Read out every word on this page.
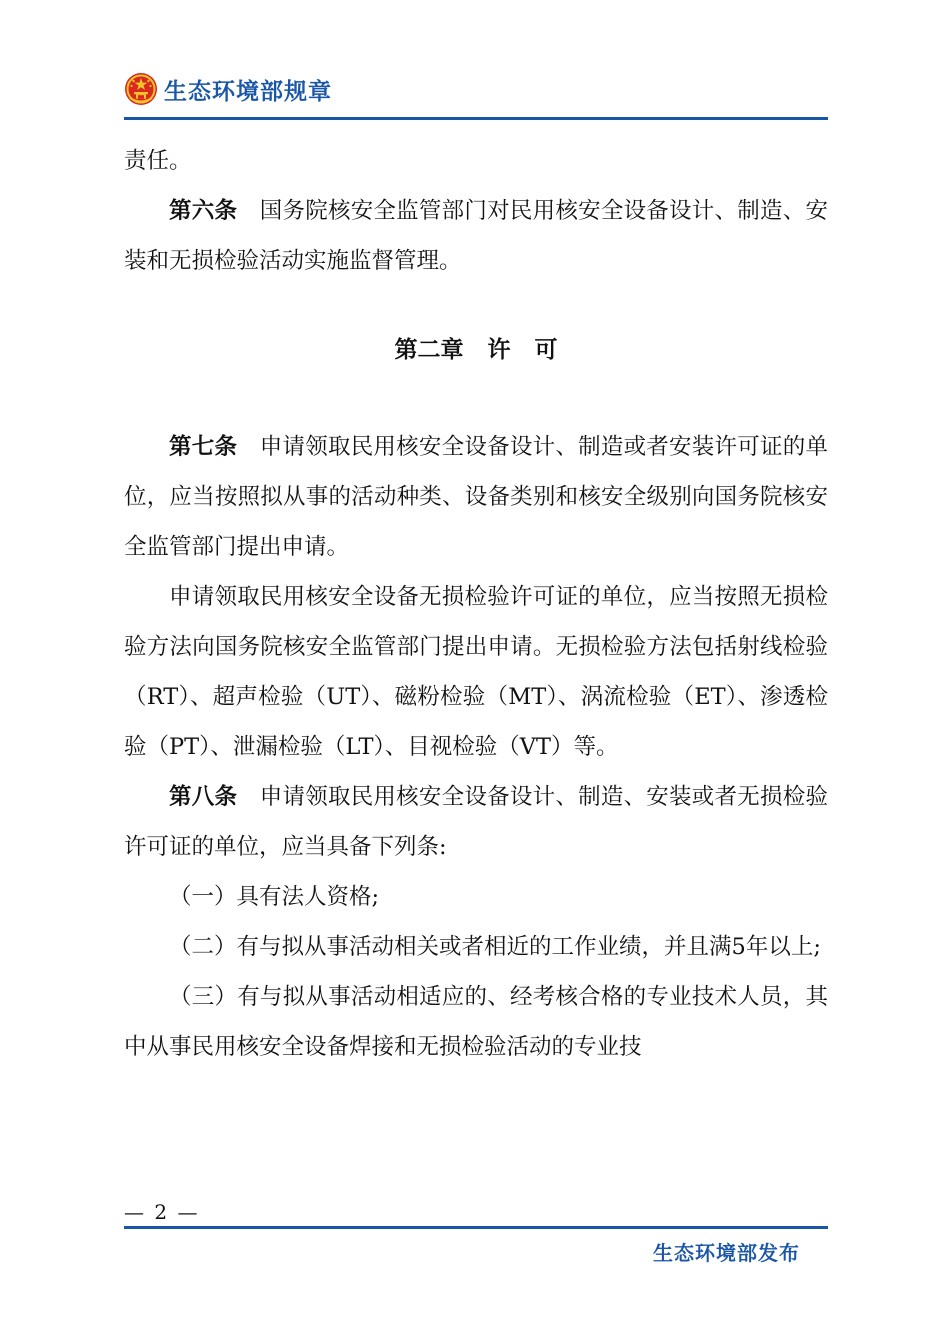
生态环境部规章

责任。

第六条 国务院核安全监管部门对民用核安全设备设计、制造、安装和无损检验活动实施监督管理。

第二章   许   可

第七条 申请领取民用核安全设备设计、制造或者安装许可证的单位，应当按照拟从事的活动种类、设备类别和核安全级别向国务院核安全监管部门提出申请。

申请领取民用核安全设备无损检验许可证的单位，应当按照无损检验方法向国务院核安全监管部门提出申请。无损检验方法包括射线检验（RT）、超声检验（UT）、磁粉检验（MT）、涡流检验（ET）、渗透检验（PT）、泄漏检验（LT）、目视检验（VT）等。

第八条 申请领取民用核安全设备设计、制造、安装或者无损检验许可证的单位，应当具备下列条:

（一）具有法人资格;

（二）有与拟从事活动相关或者相近的工作业绩，并且满5年以上;

（三）有与拟从事活动相适应的、经考核合格的专业技术人员，其中从事民用核安全设备焊接和无损检验活动的专业技

— 2 —
生态环境部发布
